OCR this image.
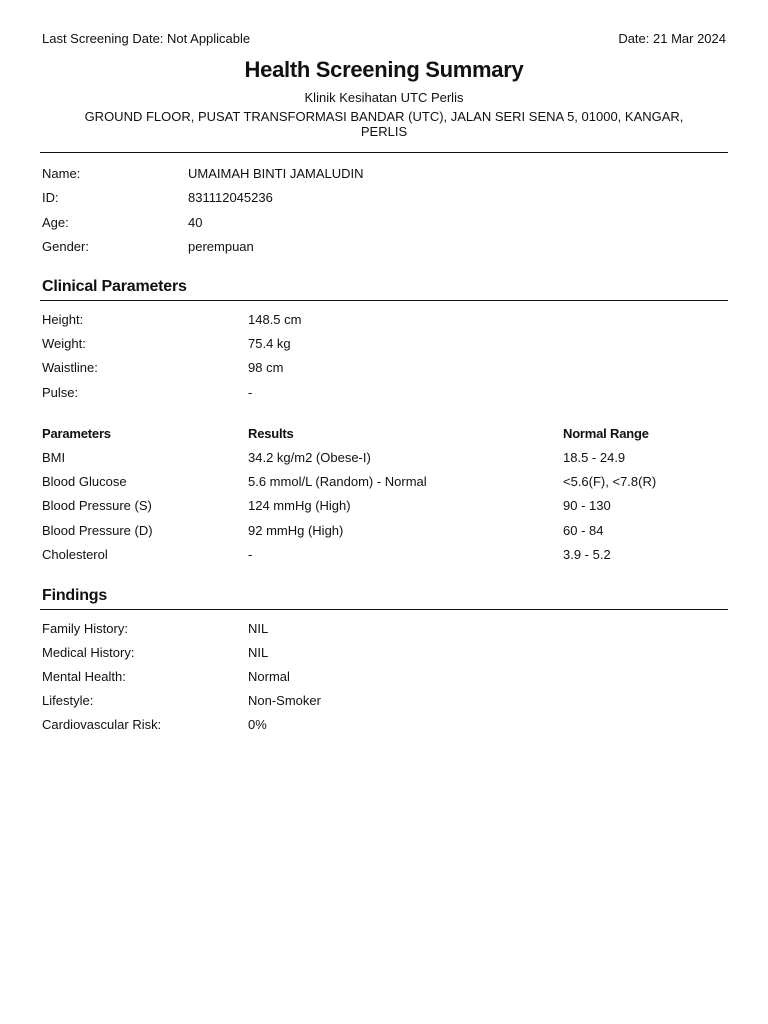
Last Screening Date: Not Applicable	Date: 21 Mar 2024
Health Screening Summary
Klinik Kesihatan UTC Perlis
GROUND FLOOR, PUSAT TRANSFORMASI BANDAR (UTC), JALAN SERI SENA 5, 01000, KANGAR, PERLIS
Name:	UMAIMAH BINTI JAMALUDIN
ID:	831112045236
Age:	40
Gender:	perempuan
Clinical Parameters
Height:	148.5 cm
Weight:	75.4 kg
Waistline:	98 cm
Pulse:	-
Parameters	Results	Normal Range
BMI	34.2 kg/m2 (Obese-I)	18.5 - 24.9
Blood Glucose	5.6 mmol/L (Random) - Normal	<5.6(F), <7.8(R)
Blood Pressure (S)	124 mmHg (High)	90 - 130
Blood Pressure (D)	92 mmHg (High)	60 - 84
Cholesterol	-	3.9 - 5.2
Findings
Family History:	NIL
Medical History:	NIL
Mental Health:	Normal
Lifestyle:	Non-Smoker
Cardiovascular Risk:	0%
